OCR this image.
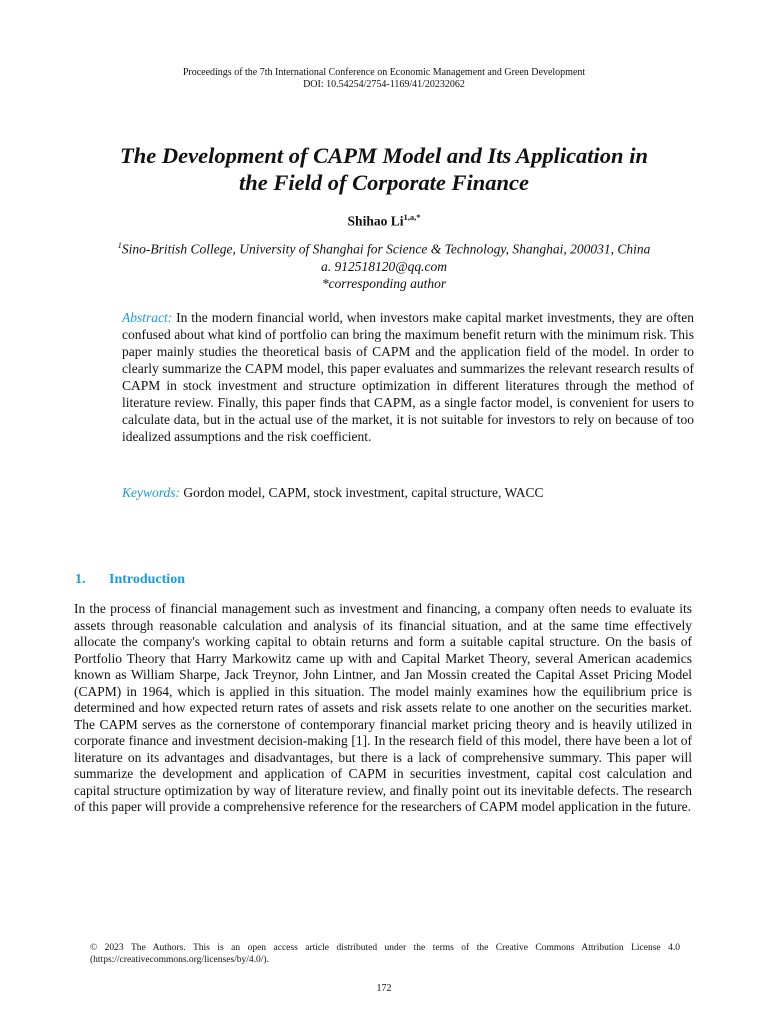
Proceedings of the 7th International Conference on Economic Management and Green Development
DOI: 10.54254/2754-1169/41/20232062
The Development of CAPM Model and Its Application in
the Field of Corporate Finance
Shihao $Li^{1,a,*}$
$^1$Sino-British College, University of Shanghai for Science & Technology, Shanghai, 200031, China
a. 912518120@qq.com
*corresponding author

Abstract: In the modern financial world, when investors make capital market investments, they are often confused about what kind of portfolio can bring the maximum benefit return with the minimum risk. This paper mainly studies the theoretical basis of CAPM and the application field of the model. In order to clearly summarize the CAPM model, this paper evaluates and summarizes the relevant research results of CAPM in stock investment and structure optimization in different literatures through the method of literature review. Finally, this paper finds that CAPM, as a single factor model, is convenient for users to calculate data, but in the actual use of the market, it is not suitable for investors to rely on because of too idealized assumptions and the risk coefficient.

Keywords: Gordon model, CAPM, stock investment, capital structure, WACC

1. Introduction

In the process of financial management such as investment and financing, a company often needs to evaluate its assets through reasonable calculation and analysis of its financial situation, and at the same time effectively allocate the company's working capital to obtain returns and form a suitable capital structure. On the basis of Portfolio Theory that Harry Markowitz came up with and Capital Market Theory, several American academics known as William Sharpe, Jack Treynor, John Lintner, and Jan Mossin created the Capital Asset Pricing Model (CAPM) in 1964, which is applied in this situation. The model mainly examines how the equilibrium price is determined and how expected return rates of assets and risk assets relate to one another on the securities market. The CAPM serves as the cornerstone of contemporary financial market pricing theory and is heavily utilized in corporate finance and investment decision-making [1]. In the research field of this model, there have been a lot of literature on its advantages and disadvantages, but there is a lack of comprehensive summary. This paper will summarize the development and application of CAPM in securities investment, capital cost calculation and capital structure optimization by way of literature review, and finally point out its inevitable defects. The research of this paper will provide a comprehensive reference for the researchers of CAPM model application in the future.

© 2023 The Authors. This is an open access article distributed under the terms of the Creative Commons Attribution License 4.0 (https://creativecommons.org/licenses/by/4.0/).

172
